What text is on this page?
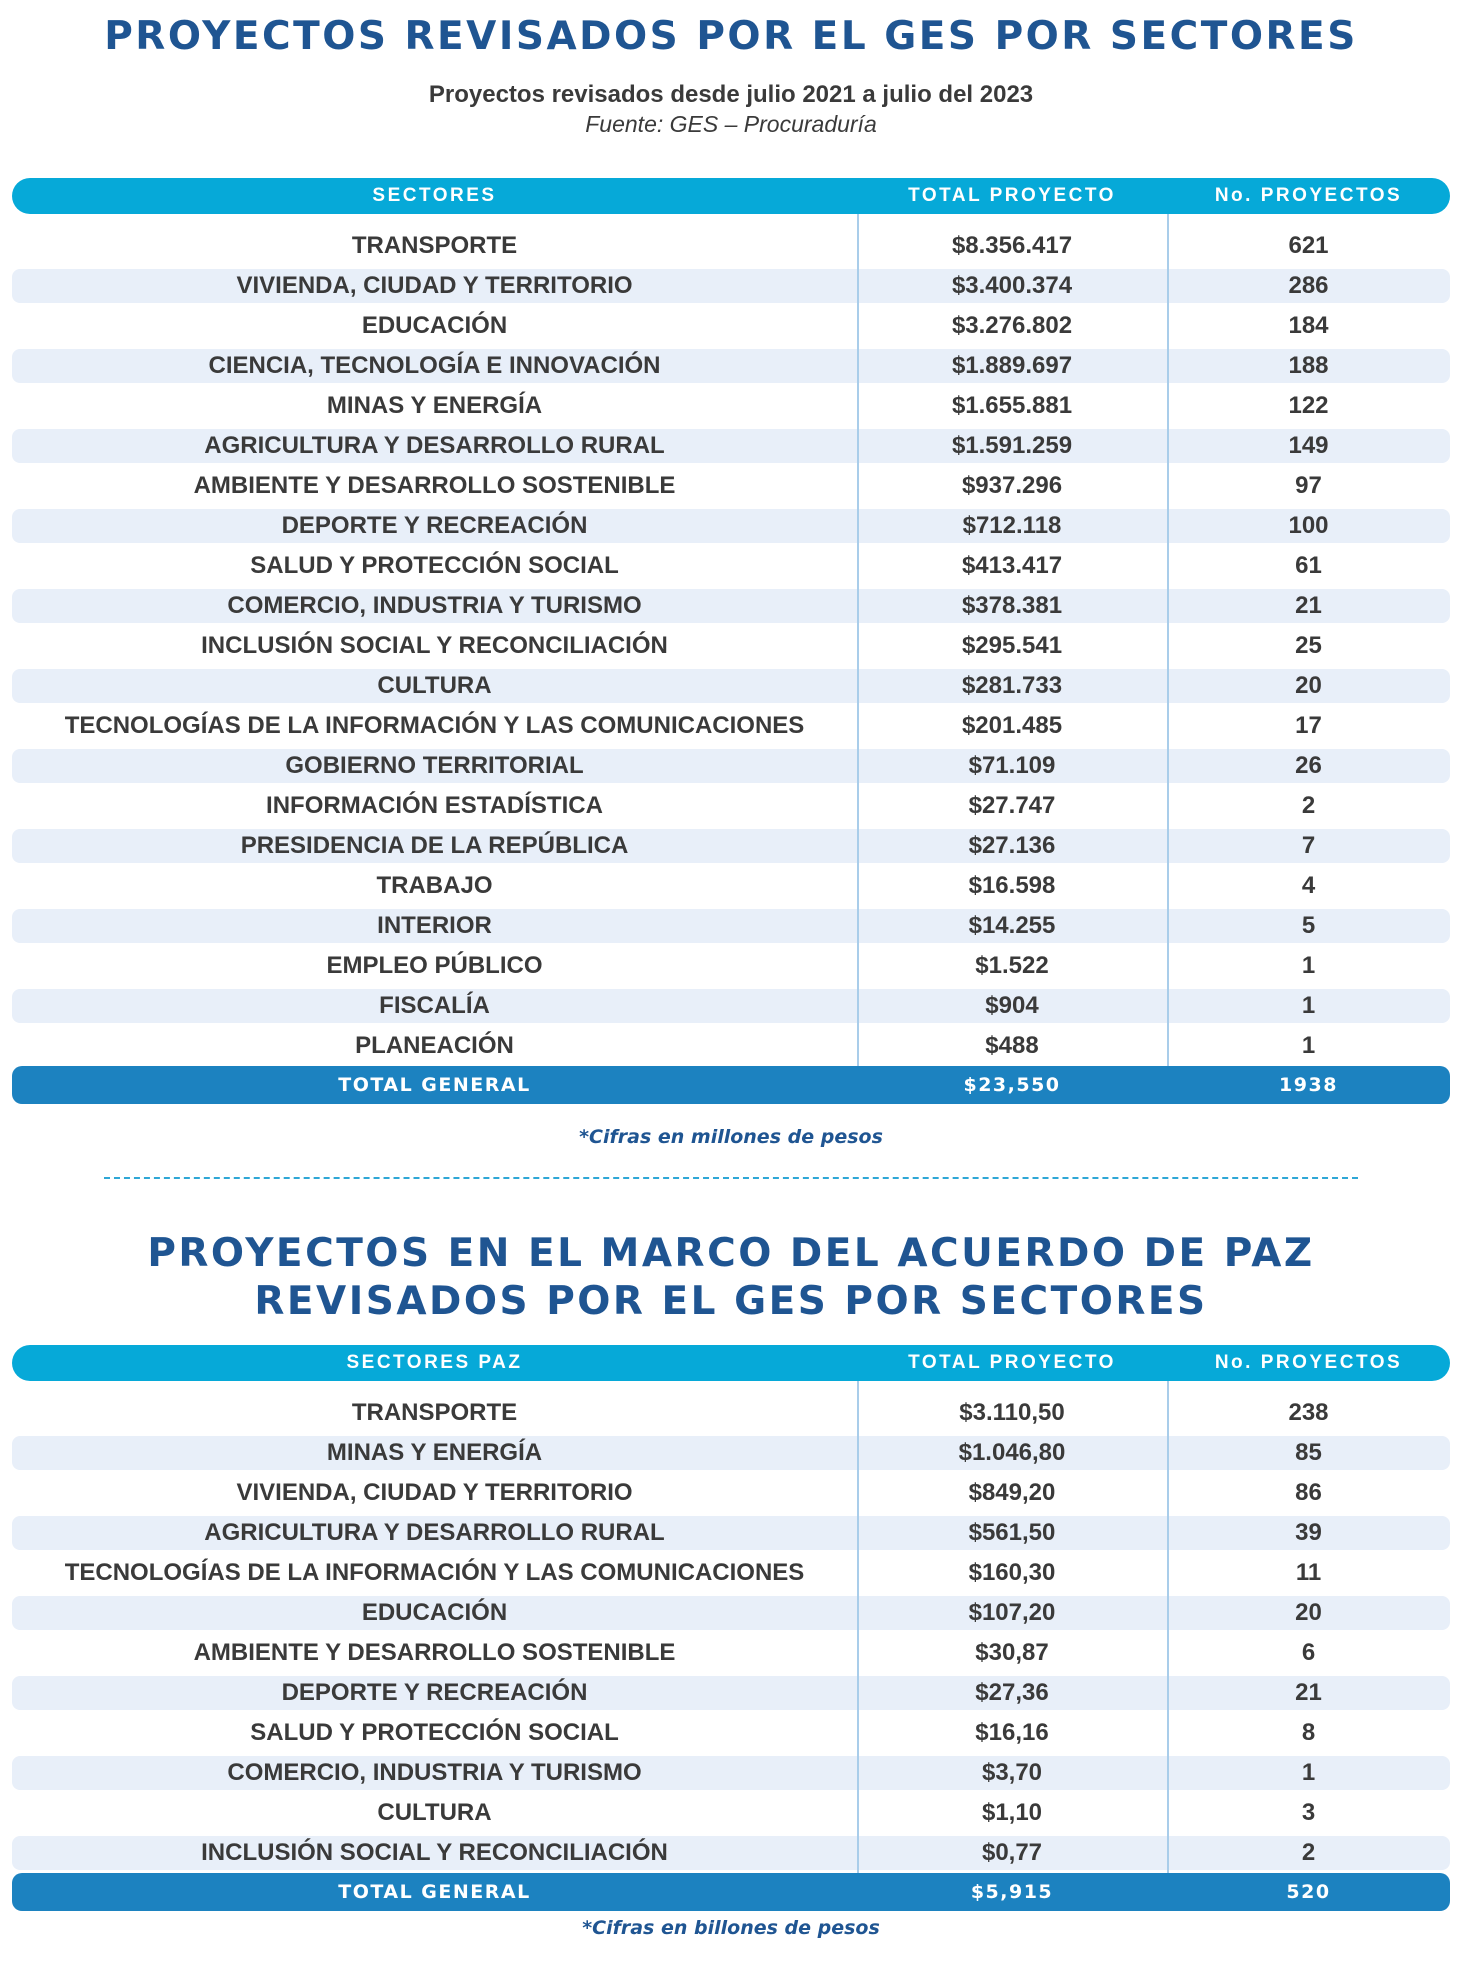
PROYECTOS REVISADOS POR EL GES POR SECTORES
Proyectos revisados desde julio 2021 a julio del 2023
Fuente: GES – Procuraduría
SECTORES	TOTAL PROYECTO	No. PROYECTOS
TRANSPORTE	$8.356.417	621
VIVIENDA, CIUDAD Y TERRITORIO	$3.400.374	286
EDUCACIÓN	$3.276.802	184
CIENCIA, TECNOLOGÍA E INNOVACIÓN	$1.889.697	188
MINAS Y ENERGÍA	$1.655.881	122
AGRICULTURA Y DESARROLLO RURAL	$1.591.259	149
AMBIENTE Y DESARROLLO SOSTENIBLE	$937.296	97
DEPORTE Y RECREACIÓN	$712.118	100
SALUD Y PROTECCIÓN SOCIAL	$413.417	61
COMERCIO, INDUSTRIA Y TURISMO	$378.381	21
INCLUSIÓN SOCIAL Y RECONCILIACIÓN	$295.541	25
CULTURA	$281.733	20
TECNOLOGÍAS DE LA INFORMACIÓN Y LAS COMUNICACIONES	$201.485	17
GOBIERNO TERRITORIAL	$71.109	26
INFORMACIÓN ESTADÍSTICA	$27.747	2
PRESIDENCIA DE LA REPÚBLICA	$27.136	7
TRABAJO	$16.598	4
INTERIOR	$14.255	5
EMPLEO PÚBLICO	$1.522	1
FISCALÍA	$904	1
PLANEACIÓN	$488	1
TOTAL GENERAL	$23,550	1938
*Cifras en millones de pesos
PROYECTOS EN EL MARCO DEL ACUERDO DE PAZ
REVISADOS POR EL GES POR SECTORES
SECTORES PAZ	TOTAL PROYECTO	No. PROYECTOS
TRANSPORTE	$3.110,50	238
MINAS Y ENERGÍA	$1.046,80	85
VIVIENDA, CIUDAD Y TERRITORIO	$849,20	86
AGRICULTURA Y DESARROLLO RURAL	$561,50	39
TECNOLOGÍAS DE LA INFORMACIÓN Y LAS COMUNICACIONES	$160,30	11
EDUCACIÓN	$107,20	20
AMBIENTE Y DESARROLLO SOSTENIBLE	$30,87	6
DEPORTE Y RECREACIÓN	$27,36	21
SALUD Y PROTECCIÓN SOCIAL	$16,16	8
COMERCIO, INDUSTRIA Y TURISMO	$3,70	1
CULTURA	$1,10	3
INCLUSIÓN SOCIAL Y RECONCILIACIÓN	$0,77	2
TOTAL GENERAL	$5,915	520
*Cifras en billones de pesos
